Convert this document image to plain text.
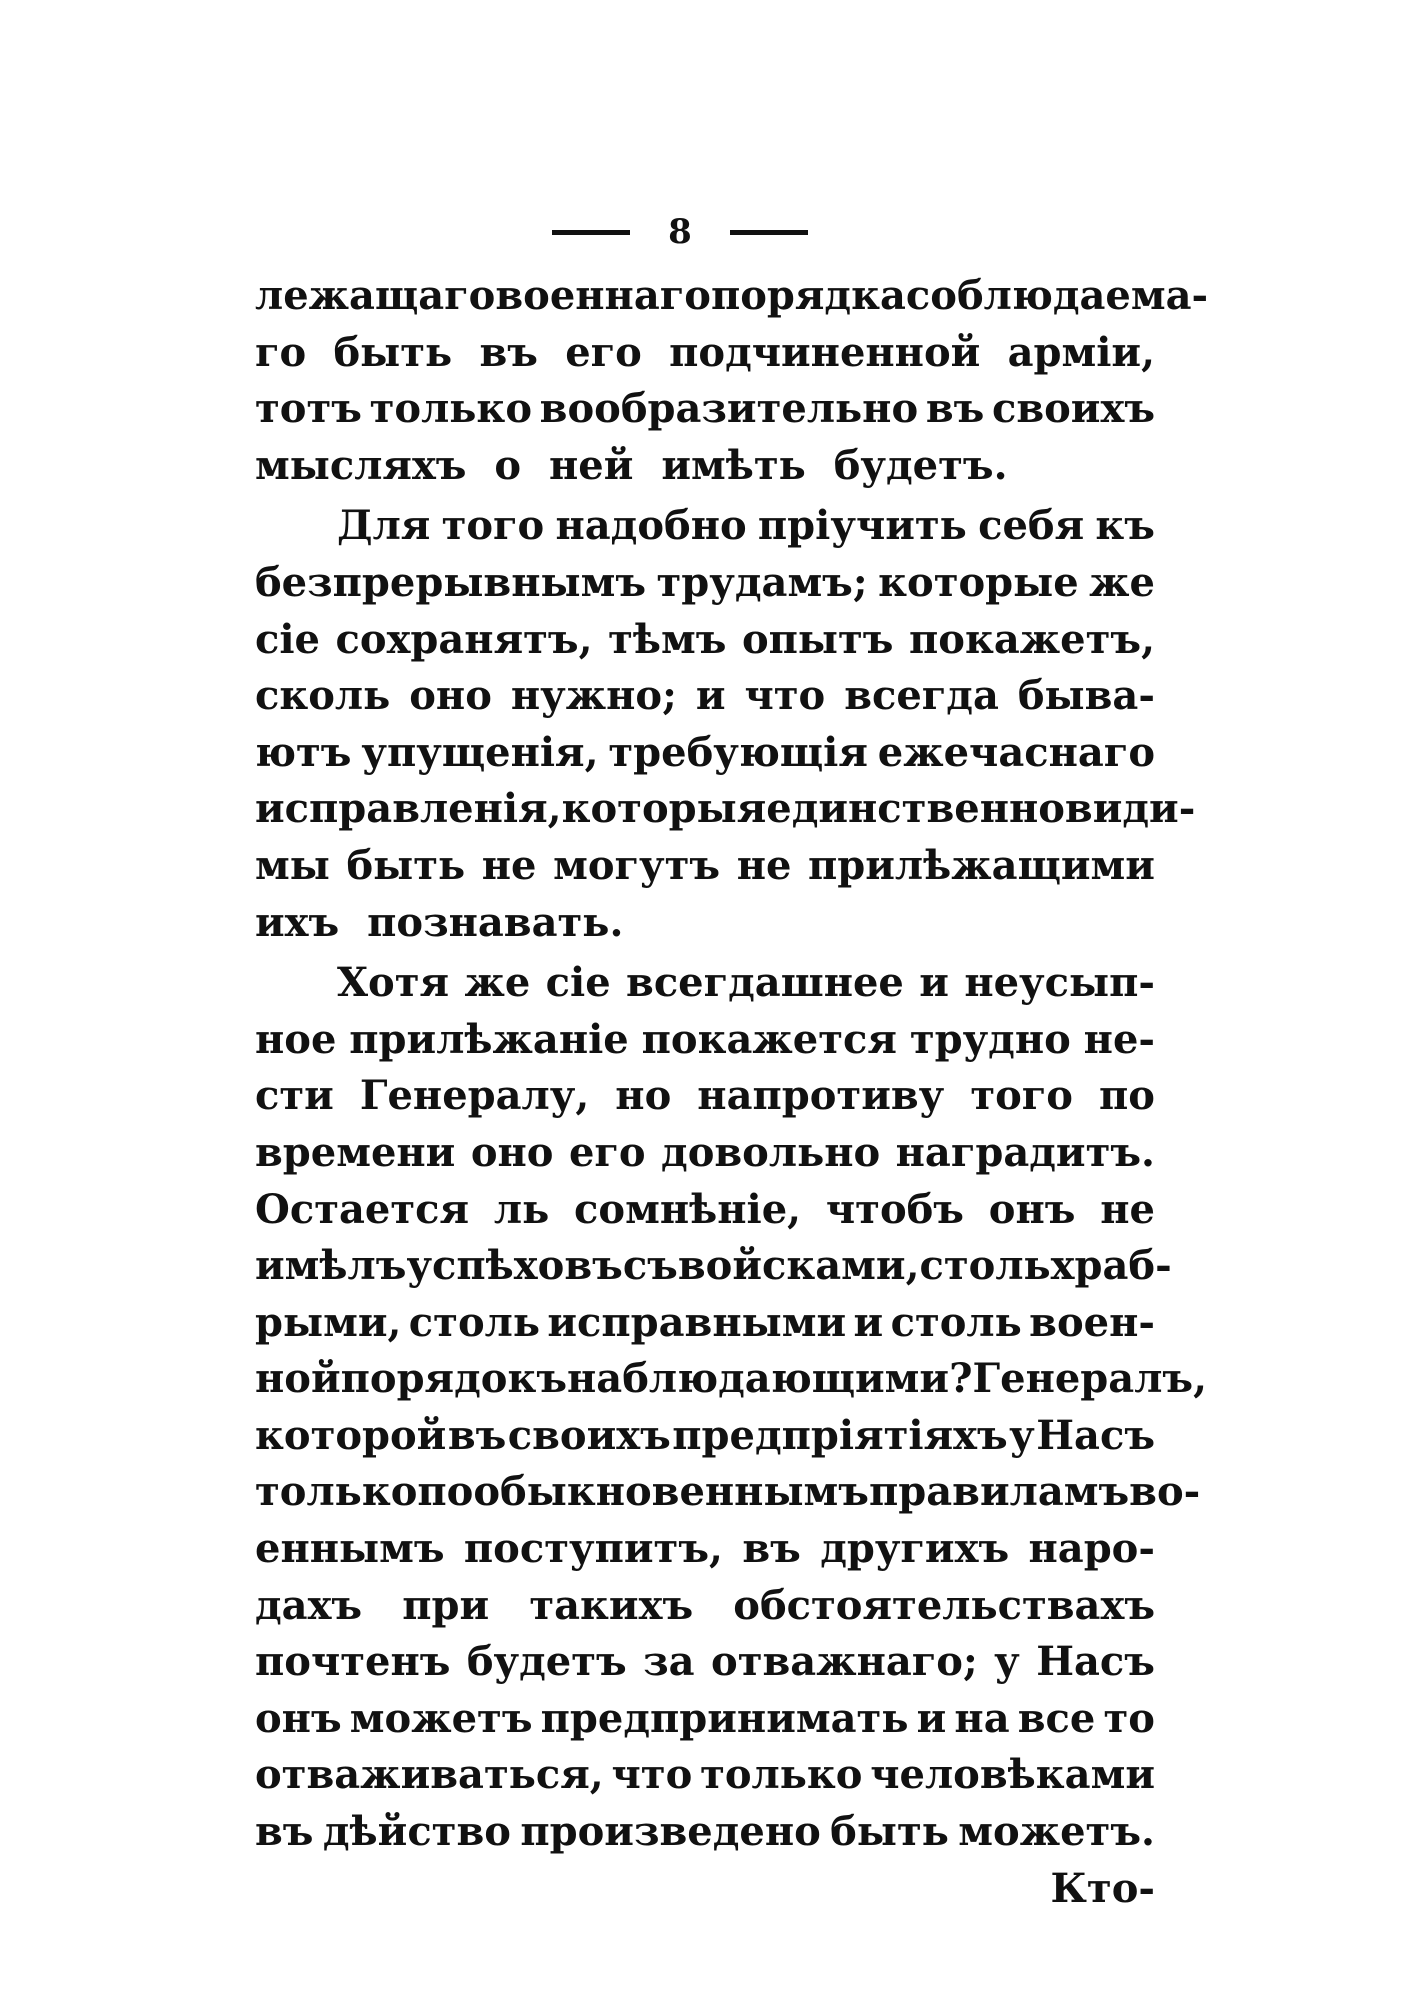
8
лежащаго военнаго порядка соблюдаема-
го быть въ его подчиненной арміи,
тотъ только вообразительно въ своихъ
мысляхъ о ней имѣть будетъ.
Для того надобно пріучить себя къ
безпрерывнымъ трудамъ; которые же
сіе сохранятъ, тѣмъ опытъ покажетъ,
сколь оно нужно; и что всегда быва-
ютъ упущенія, требующія ежечаснаго
исправленія, которыя единственно види-
мы быть не могутъ не прилѣжащими
ихъ познавать.
Хотя же сіе всегдашнее и неусып-
ное прилѣжаніе покажется трудно не-
сти Генералу, но напротиву того по
времени оно его довольно наградитъ.
Остается ль сомнѣніе, чтобъ онъ не
имѣлъ успѣховъ съ войсками, столь храб-
рыми, столь исправными и столь воен-
ной порядокъ наблюдающими? Генералъ,
которой въ своихъ предпріятіяхъ у Насъ
только по обыкновеннымъ правиламъ во-
еннымъ поступитъ, въ другихъ наро-
дахъ при такихъ обстоятельствахъ
почтенъ будетъ за отважнаго; у Насъ
онъ можетъ предпринимать и на все то
отваживаться, что только человѣками
въ дѣйство произведено быть можетъ.
Кто-
